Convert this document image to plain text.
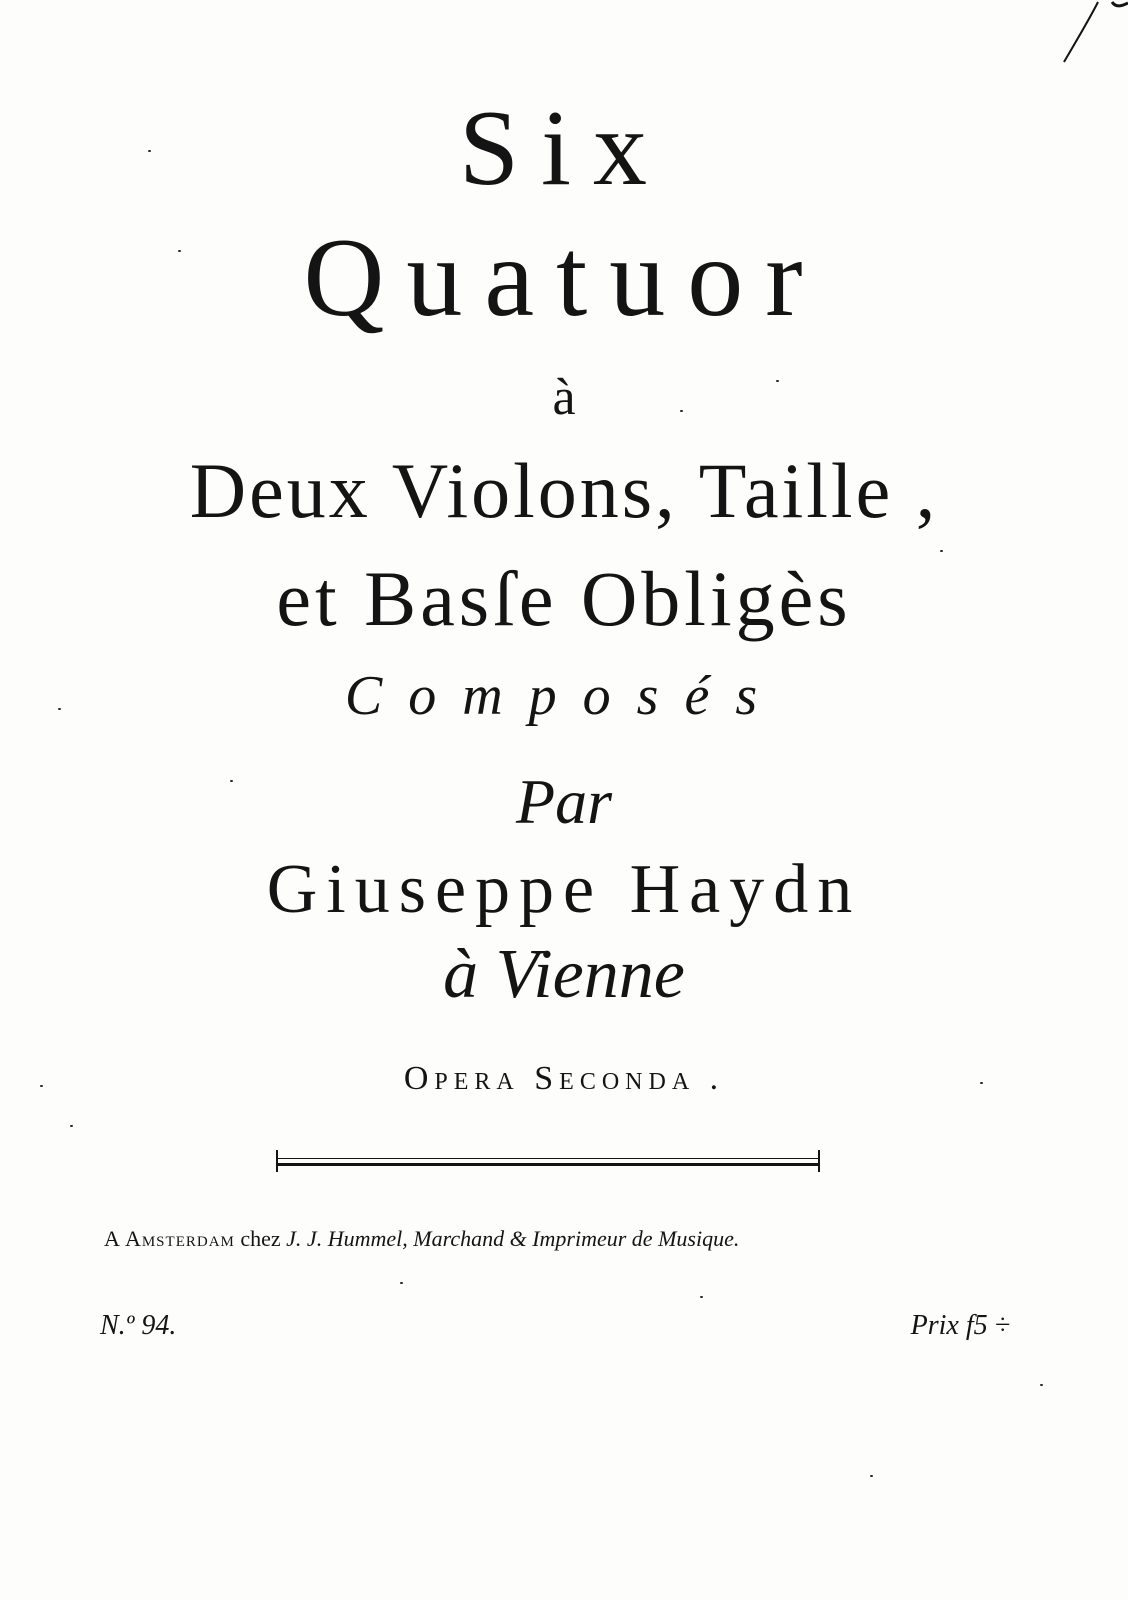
Six
Quatuor
à
Deux Violons, Taille ,
et Basſe Obligès
Composés
Par
Giuseppe Haydn
à Vienne
Opera Seconda .
A Amsterdam chez J. J. Hummel, Marchand & Imprimeur de Musique.
N.º 94.	Prix f5 ÷
